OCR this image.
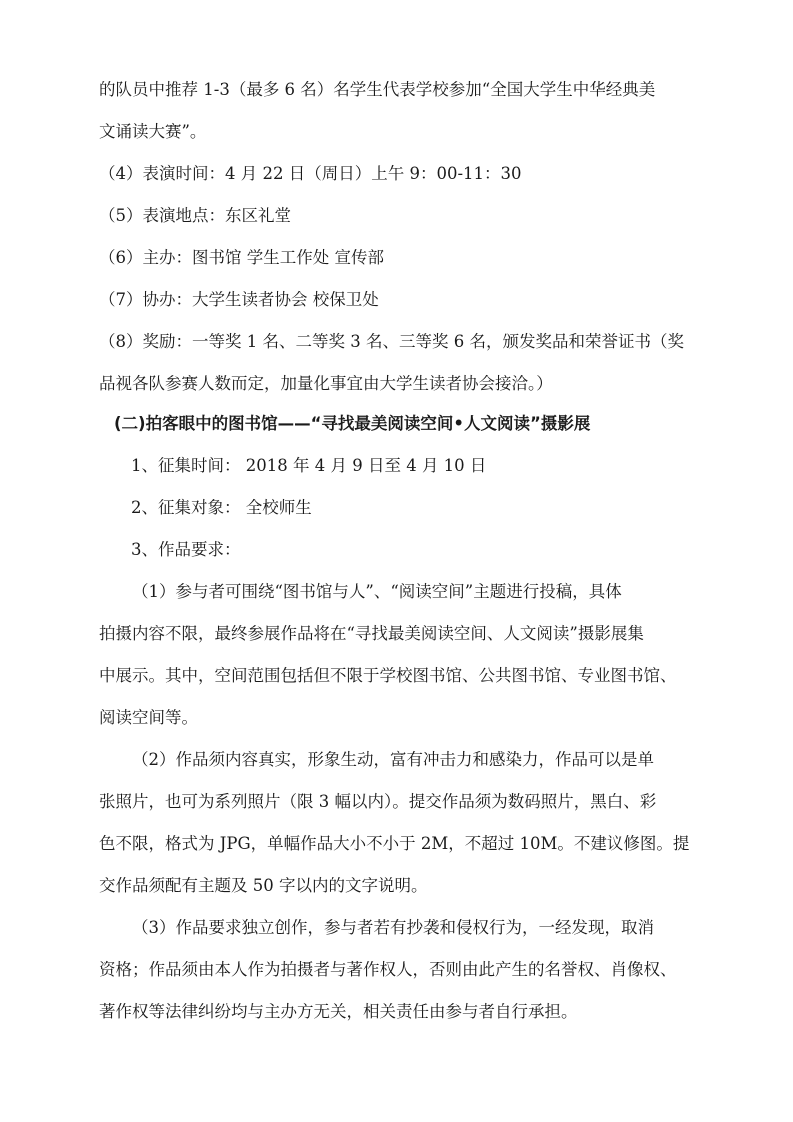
的队员中推荐 1-3（最多 6 名）名学生代表学校参加“全国大学生中华经典美
文诵读大赛”。
（4）表演时间：4 月 22 日（周日）上午 9：00-11：30
（5）表演地点：东区礼堂
（6）主办：图书馆 学生工作处 宣传部
（7）协办：大学生读者协会 校保卫处
（8）奖励：一等奖 1 名、二等奖 3 名、三等奖 6 名，颁发奖品和荣誉证书（奖
品视各队参赛人数而定，加量化事宜由大学生读者协会接洽。）
(二)拍客眼中的图书馆——“寻找最美阅读空间•人文阅读”摄影展
1、征集时间： 2018 年 4 月 9 日至 4 月 10 日
2、征集对象： 全校师生
3、作品要求：
（1）参与者可围绕“图书馆与人”、“阅读空间”主题进行投稿，具体
拍摄内容不限，最终参展作品将在“寻找最美阅读空间、人文阅读”摄影展集
中展示。其中，空间范围包括但不限于学校图书馆、公共图书馆、专业图书馆、
阅读空间等。
（2）作品须内容真实，形象生动，富有冲击力和感染力，作品可以是单
张照片，也可为系列照片（限 3 幅以内）。提交作品须为数码照片，黑白、彩
色不限，格式为 JPG，单幅作品大小不小于 2M，不超过 10M。不建议修图。提
交作品须配有主题及 50 字以内的文字说明。
（3）作品要求独立创作，参与者若有抄袭和侵权行为，一经发现，取消
资格；作品须由本人作为拍摄者与著作权人，否则由此产生的名誉权、肖像权、
著作权等法律纠纷均与主办方无关，相关责任由参与者自行承担。
